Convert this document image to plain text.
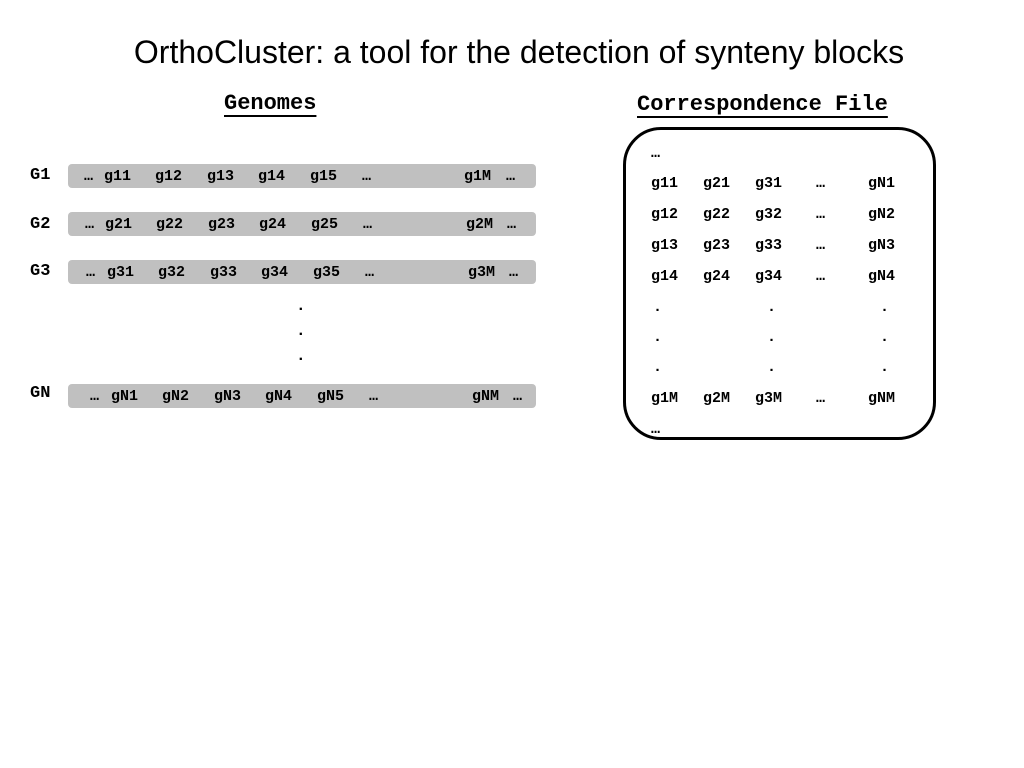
OrthoCluster: a tool for the detection of synteny blocks
Genomes	Correspondence File
G1 … g11 g12 g13 g14 g15 …	g1M …
G2 … g21 g22 g23 g24 g25 …	g2M …
G3 … g31 g32 g33 g34 g35 …	g3M …
.
.
.
GN	… gN1 gN2 gN3 gN4 gN5 …	gNM …
…
g11 g21 g31 …	gN1
g12 g22 g32 …	gN2
g13 g23 g33 …	gN3
g14 g24 g34 …	gN4
.	.	.
.	.	.
.	.	.
g1M g2M g3M …	gNM
…
